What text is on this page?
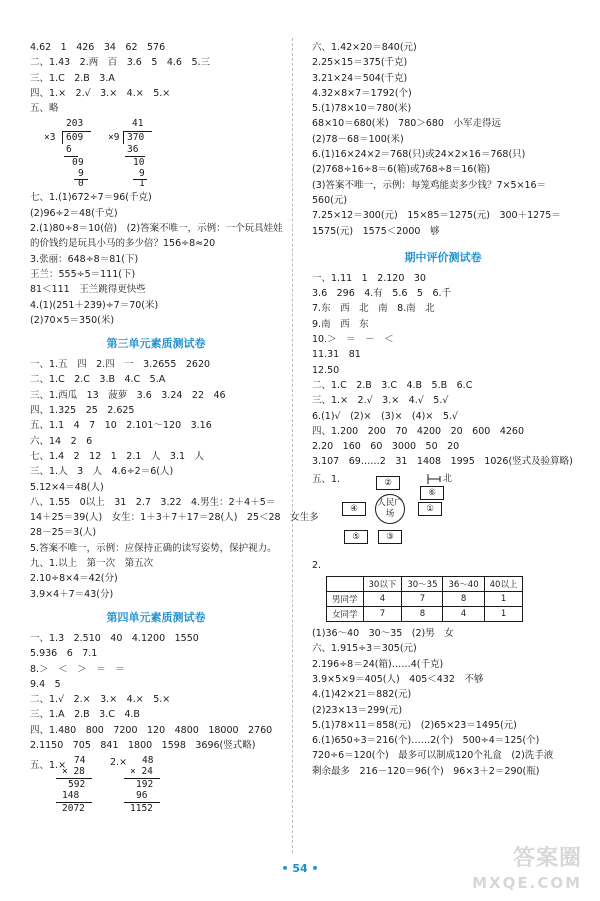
4.62　1　426　34　62　576
二、1.43　2.两　百　3.6　5　4.6　5.三
三、1.C　2.B　3.A
四、1.×　2.√　3.×　4.×　5.×
五、略
×3
203
609
6
0 9
9
0
×9
41
370
36
10
9
1
七、1.(1)672÷7＝96(千克)
(2)96÷2＝48(千克)
2.(1)80÷8＝10(倍)　(2)答案不唯一，示例：一个玩具娃娃
的价钱约是玩具小马的多少倍？156÷8≈20
3.张丽：648÷8＝81(下)
王兰：555÷5＝111(下)
81＜111　王兰跳得更快些
4.(1)(251＋239)÷7＝70(米)
(2)70×5＝350(米)
第三单元素质测试卷
一、1.五　四　2.四　一　3.2655　2620
二、1.C　2.C　3.B　4.C　5.A
三、1.西瓜　13　菠萝　3.6　3.24　22　46
四、1.325　25　2.625
五、1.1　4　7　10　2.101～120　3.16
六、14　2　6
七、1.4　2　12　1　2.1　人　3.1　人
三、1.人　3　人　4.6÷2＝6(人)
5.12×4＝48(人)
八、1.55　0以上　31　2.7　3.22　4.男生：2＋4＋5＝
14＋25＝39(人)　女生：1＋3＋7＋17＝28(人)　25＜28　女生多
28－25＝3(人)
5.答案不唯一，示例：应保持正确的读写姿势，保护视力。
九、1.以上　第一次　第五次
2.10÷8×4＝42(分)
3.9×4＋7＝43(分)
第四单元素质测试卷
一、1.3　2.510　40　4.1200　1550
5.936　6　7.1
8.＞　＜　＞　＝　＝
9.4　5
二、1.√　2.×　3.×　4.×　5.×
三、1.A　2.B　3.C　4.B
四、1.480　800　7200　120　4800　18000　2760
2.1150　705　841　1800　1598　3696(竖式略)
五、1.× 74
× 28
592
148
2072
2.× 48
× 24
192
96
1152
六、1.42×20＝840(元)
2.25×15＝375(千克)
3.21×24＝504(千克)
4.32×8×7＝1792(个)
5.(1)78×10＝780(米)
68×10＝680(米)　780＞680　小军走得远
(2)78－68＝100(米)
6.(1)16×24×2＝768(只)或24×2×16＝768(只)
(2)768÷16÷8＝6(箱)或768÷8＝16(箱)
(3)答案不唯一，示例：每笼鸡能卖多少钱？7×5×16＝
560(元)
7.25×12＝300(元)　15×85＝1275(元)　300＋1275＝
1575(元)　1575＜2000　够
期中评价测试卷
一、1.11　1　2.120　30
3.6　296　4.有　5.6　5　6.千
7.东　西　北　南　8.南　北
9.南　西　东
10.＞　＝　－　＜
11.31　81
12.50
二、1.C　2.B　3.C　4.B　5.B　6.C
三、1.×　2.√　3.×　4.√　5.√
6.(1)√　(2)×　(3)×　(4)×　5.√
四、1.200　200　70　4200　20　600　4260
2.20　160　60　3000　50　20
3.107　69……2　31　1408　1995　1026(竖式及验算略)
五、1.	北
②
⑥
④
人民广场	①
⑤	③
2.
	30以下	30～35	36～40	40以上
男同学	4	7	8	1
女同学	7	8	4	1
(1)36～40　30～35　(2)男　女
六、1.915÷3＝305(元)
2.196÷8＝24(箱)……4(千克)
3.9×5×9＝405(人)　405＜432　不够
4.(1)42×21＝882(元)
(2)23×13＝299(元)
5.(1)78×11＝858(元)　(2)65×23＝1495(元)
6.(1)650÷3＝216(个)……2(个)　500÷4＝125(个)
720÷6＝120(个)　最多可以制成120个礼盒　(2)洗手液
剩余最多　216－120＝96(个)　96×3＋2＝290(瓶)
• 54 •	答案圈
MXQE.COM
